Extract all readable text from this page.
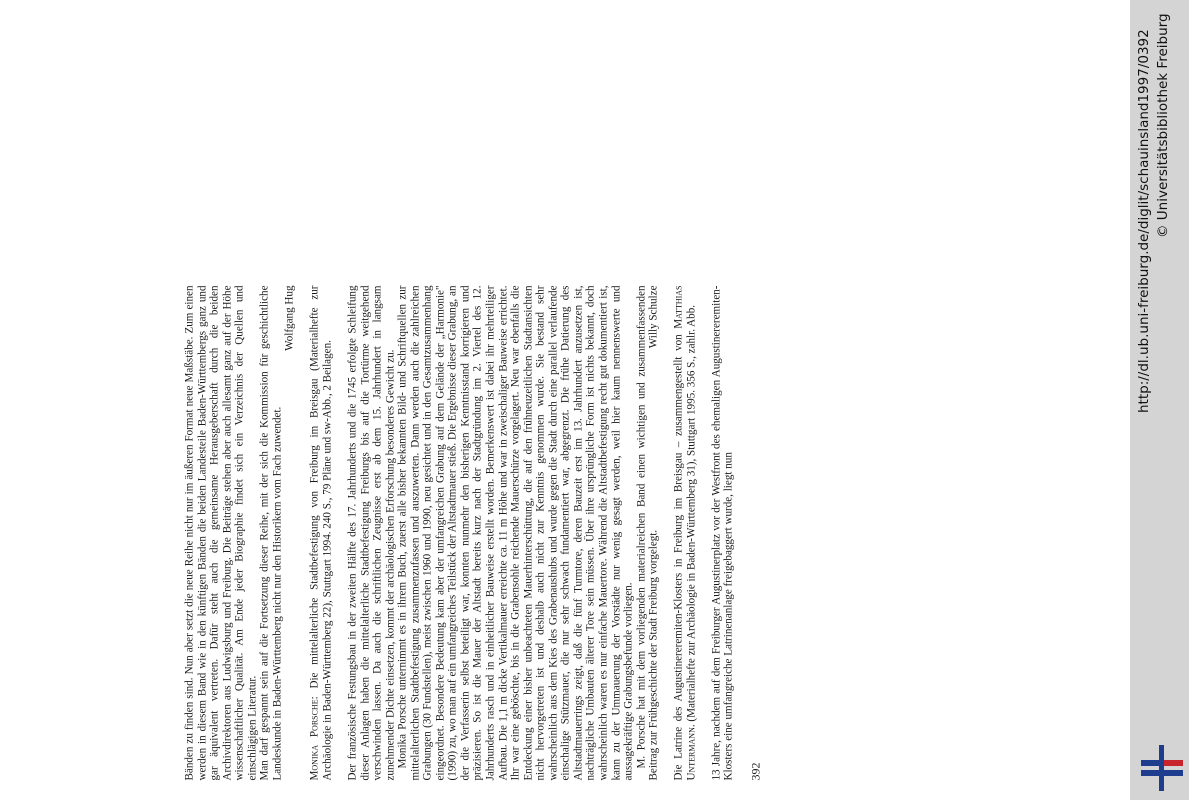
Bänden zu finden sind. Nun aber setzt die neue Reihe nicht nur im äußeren Format neue Maßstäbe. Zum einen werden in diesem Band wie in den künftigen Bänden die beiden Landesteile Baden-Württembergs ganz und gar äquivalent vertreten. Dafür steht auch die gemeinsame Herausgeberschaft durch die beiden Archivdirektoren aus Ludwigsburg und Freiburg. Die Beiträge stehen aber auch allesamt ganz auf der Höhe wissenschaftlicher Qualität. Am Ende jeder Biographie findet sich ein Verzeichnis der Quellen und einschlägigen Literatur. Man darf gespannt sein auf die Fortsetzung dieser Reihe, mit der sich die Kommission für geschichtliche Landeskunde in Baden-Württemberg nicht nur den Historikern vom Fach zuwendet.

Wolfgang Hug

Monika Porsche: Die mittelalterliche Stadtbefestigung von Freiburg im Breisgau (Materialhefte zur Archäologie in Baden-Württemberg 22), Stuttgart 1994. 240 S., 79 Pläne und sw-Abb., 2 Beilagen. Der französische Festungsbau in der zweiten Hälfte des 17. Jahrhunderts und die 1745 erfolgte Schleifung dieser Anlagen haben die mittelalterliche Stadtbefestigung Freiburgs bis auf die Tortürme weitgehend verschwinden lassen. Da auch die schriftlichen Zeugnisse erst ab dem 15. Jahrhundert in langsam zunehmender Dichte einsetzen, kommt der archäologischen Erforschung besonderes Gewicht zu. Monika Porsche unternimmt es in ihrem Buch, zuerst alle bisher bekannten Bild- und Schriftquellen zur mittelalterlichen Stadtbefestigung zusammenzufassen und auszuwerten. Dann werden auch die zahlreichen Grabungen (30 Fundstellen), meist zwischen 1960 und 1990, neu gesichtet und in den Gesamtzusammenhang eingeordnet. Besondere Bedeutung kam aber der umfangreichen Grabung auf dem Gelände der „Harmonie" (1990) zu, wo man auf ein umfangreiches Teilstück der Altstadtmauer stieß. Die Ergebnisse dieser Grabung, an der die Verfasserin selbst beteiligt war, konnten nunmehr den bisherigen Kenntnisstand korrigieren und präzisieren. So ist die Mauer der Altstadt bereits kurz nach der Stadtgründung im 2. Viertel des 12. Jahrhunderts rasch und in einheitlicher Bauweise erstellt worden. Bemerkenswert ist dabei ihr mehrteiliger Aufbau. Die 1,1 m dicke Vertikalmauer erreichte ca. 11 m Höhe und war in zweischaliger Bauweise errichtet. Ihr war eine geböschte, bis in die Grabensohle reichende Mauerschürze vorgelagert. Neu war ebenfalls die Entdeckung einer bisher unbeachteten Mauerhinterschüttung, die auf den frühneuzeitlichen Stadtansichten nicht hervorgetreten ist und deshalb auch nicht zur Kenntnis genommen wurde. Sie bestand sehr wahrscheinlich aus dem Kies des Grabenaushubs und wurde gegen die Stadt durch eine parallel verlaufende einschalige Stützmauer, die nur sehr schwach fundamentiert war, abgegrenzt. Die frühe Datierung des Altstadtmauerrings zeigt, daß die fünf Turmtore, deren Bauzeit erst im 13. Jahrhundert anzusetzen ist, nachträgliche Umbauten älterer Tore sein müssen. Über ihre ursprüngliche Form ist nichts bekannt, doch wahrscheinlich waren es nur einfache Mauertore. Während die Altstadtbefestigung recht gut dokumentiert ist, kann zu der Ummauerung der Vorstädte nur wenig gesagt werden, weil hier kaum nennenswerte und aussagekräftige Grabungsbefunde vorliegen. M. Porsche hat mit dem vorliegenden materialreichen Band einen wichtigen und zusammenfassenden Beitrag zur Frühgeschichte der Stadt Freiburg vorgelegt.
Willy Schulze

Die Latrine des Augustinereremiten-Klosters in Freiburg im Breisgau – zusammengestellt von Matthias Untermann. (Materialhefte zur Archäologie in Baden-Württemberg 31), Stuttgart 1995. 356 S., zahlr. Abb. 13 Jahre, nachdem auf dem Freiburger Augustinerplatz vor der Westfront des ehemaligen Augustinereremiten-Klosters eine umfangreiche Latrinenanlage freigebaggert wurde, liegt nun 392

http://dl.ub.uni-freiburg.de/diglit/schauinsland1997/0392 © Universitätsbibliothek Freiburg
